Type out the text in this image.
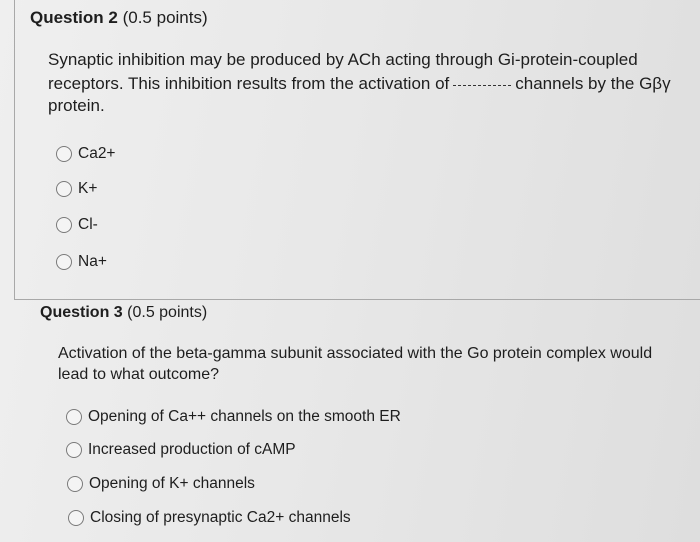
Question 2 (0.5 points)
Synaptic inhibition may be produced by ACh acting through Gi-protein-coupled
receptors. This inhibition results from the activation of	channels by the Gβγ
protein.
Ca2+
K+
Cl-
Na+
Question 3 (0.5 points)
Activation of the beta-gamma subunit associated with the Go protein complex would
lead to what outcome?
Opening of Ca++ channels on the smooth ER
Increased production of cAMP
Opening of K+ channels
Closing of presynaptic Ca2+ channels
